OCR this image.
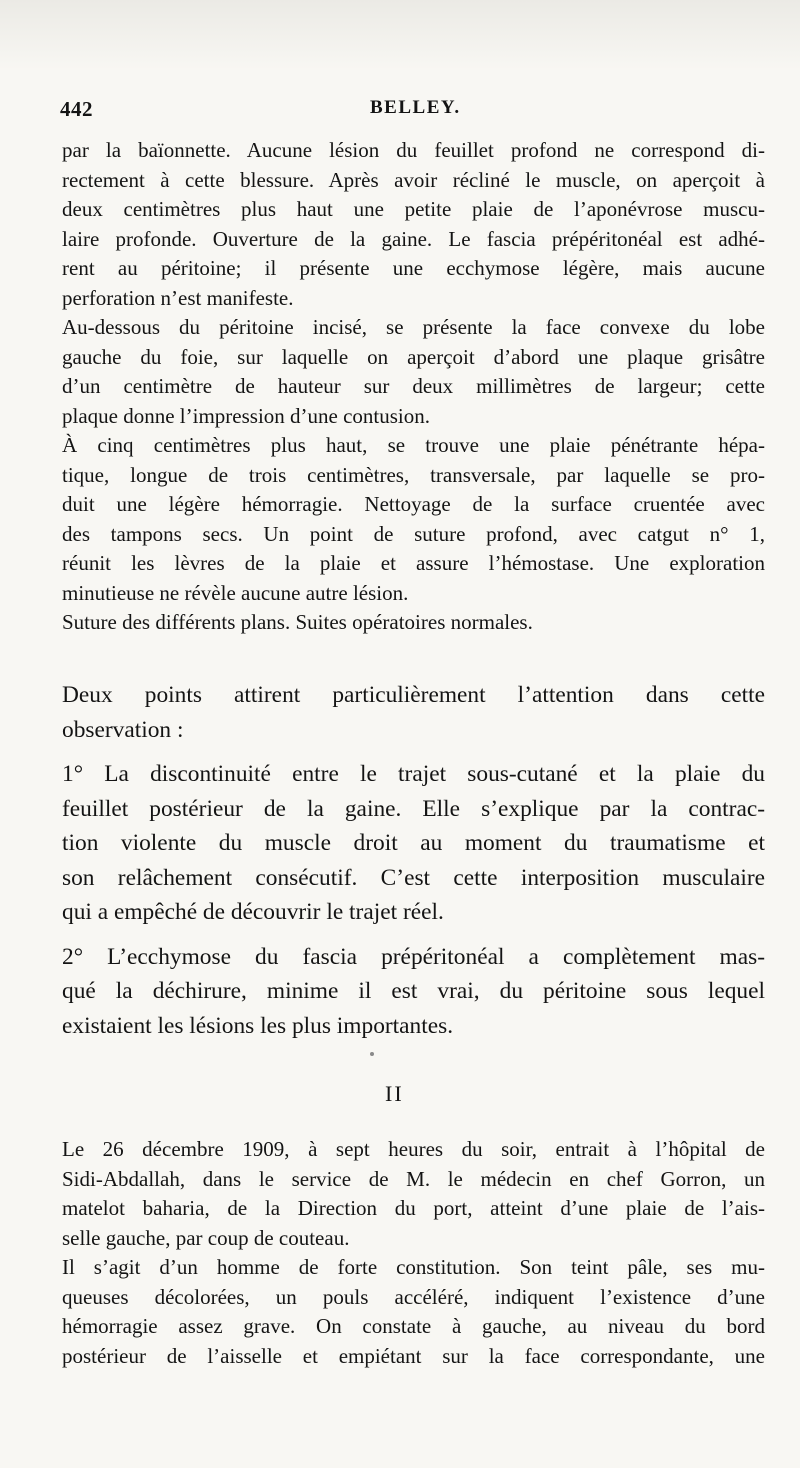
442	BELLEY.
par la baïonnette. Aucune lésion du feuillet profond ne correspond di-
rectement à cette blessure. Après avoir récliné le muscle, on aperçoit à
deux centimètres plus haut une petite plaie de l’aponévrose muscu-
laire profonde. Ouverture de la gaine. Le fascia prépéritonéal est adhé-
rent au péritoine; il présente une ecchymose légère, mais aucune
perforation n’est manifeste.
Au-dessous du péritoine incisé, se présente la face convexe du lobe
gauche du foie, sur laquelle on aperçoit d’abord une plaque grisâtre
d’un centimètre de hauteur sur deux millimètres de largeur; cette
plaque donne l’impression d’une contusion.
À cinq centimètres plus haut, se trouve une plaie pénétrante hépa-
tique, longue de trois centimètres, transversale, par laquelle se pro-
duit une légère hémorragie. Nettoyage de la surface cruentée avec
des tampons secs. Un point de suture profond, avec catgut n° 1,
réunit les lèvres de la plaie et assure l’hémostase. Une exploration
minutieuse ne révèle aucune autre lésion.
Suture des différents plans. Suites opératoires normales.
Deux points attirent particulièrement l’attention dans cette
observation :
1° La discontinuité entre le trajet sous-cutané et la plaie du
feuillet postérieur de la gaine. Elle s’explique par la contrac-
tion violente du muscle droit au moment du traumatisme et
son relâchement consécutif. C’est cette interposition musculaire
qui a empêché de découvrir le trajet réel.
2° L’ecchymose du fascia prépéritonéal a complètement mas-
qué la déchirure, minime il est vrai, du péritoine sous lequel
existaient les lésions les plus importantes.
II
Le 26 décembre 1909, à sept heures du soir, entrait à l’hôpital de
Sidi-Abdallah, dans le service de M. le médecin en chef Gorron, un
matelot baharia, de la Direction du port, atteint d’une plaie de l’ais-
selle gauche, par coup de couteau.
Il s’agit d’un homme de forte constitution. Son teint pâle, ses mu-
queuses décolorées, un pouls accéléré, indiquent l’existence d’une
hémorragie assez grave. On constate à gauche, au niveau du bord
postérieur de l’aisselle et empiétant sur la face correspondante, une
